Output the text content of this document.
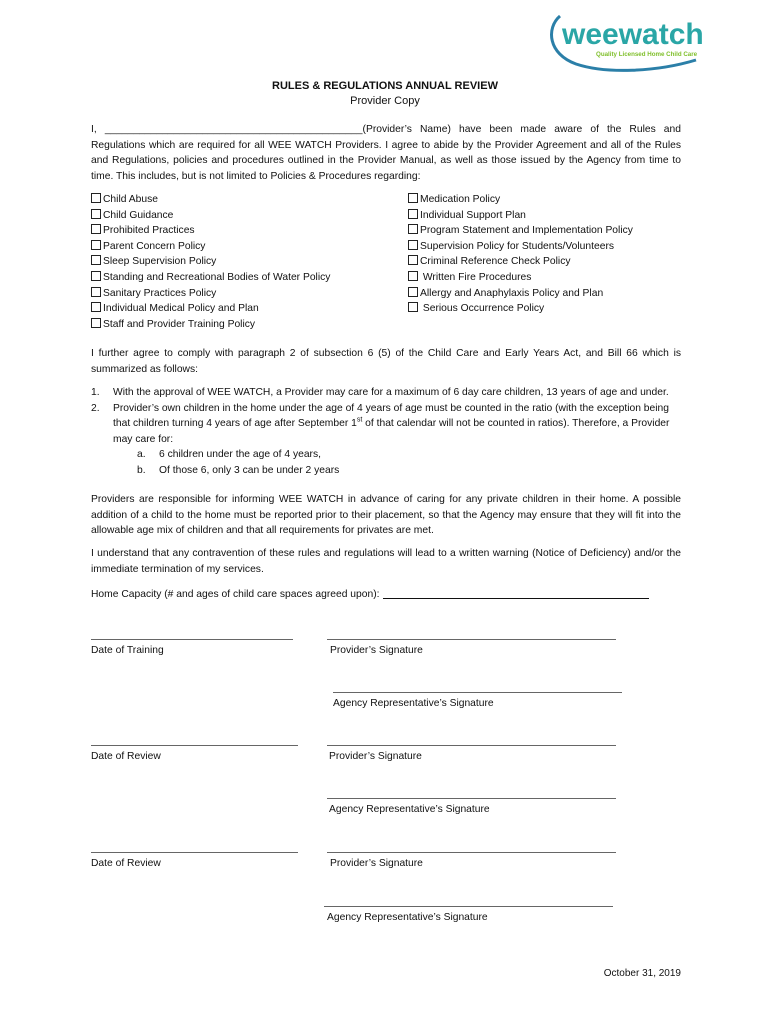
weewatch
Quality Licensed Home Child Care
RULES & REGULATIONS ANNUAL REVIEW
Provider Copy
I, _____________________________________________(Provider’s Name) have been made aware of the Rules and Regulations which are required for all WEE WATCH Providers. I agree to abide by the Provider Agreement and all of the Rules and Regulations, policies and procedures outlined in the Provider Manual, as well as those issued by the Agency from time to time. This includes, but is not limited to Policies & Procedures regarding:
Child Abuse
Child Guidance
Prohibited Practices
Parent Concern Policy
Sleep Supervision Policy
Standing and Recreational Bodies of Water Policy
Sanitary Practices Policy
Individual Medical Policy and Plan
Staff and Provider Training Policy
Medication Policy
Individual Support Plan
Program Statement and Implementation Policy
Supervision Policy for Students/Volunteers
Criminal Reference Check Policy
Written Fire Procedures
Allergy and Anaphylaxis Policy and Plan
Serious Occurrence Policy
I further agree to comply with paragraph 2 of subsection 6 (5) of the Child Care and Early Years Act, and Bill 66 which is summarized as follows:
1. With the approval of WEE WATCH, a Provider may care for a maximum of 6 day care children, 13 years of age and under.
2. Provider’s own children in the home under the age of 4 years of age must be counted in the ratio (with the exception being that children turning 4 years of age after September 1st of that calendar will not be counted in ratios). Therefore, a Provider may care for:
a. 6 children under the age of 4 years,
b. Of those 6, only 3 can be under 2 years
Providers are responsible for informing WEE WATCH in advance of caring for any private children in their home. A possible addition of a child to the home must be reported prior to their placement, so that the Agency may ensure that they will fit into the allowable age mix of children and that all requirements for privates are met.
I understand that any contravention of these rules and regulations will lead to a written warning (Notice of Deficiency) and/or the immediate termination of my services.
Home Capacity (# and ages of child care spaces agreed upon):
Date of Training	Provider’s Signature
Agency Representative’s Signature
Date of Review	Provider’s Signature
Agency Representative’s Signature
Date of Review	Provider’s Signature
Agency Representative’s Signature
October 31, 2019
